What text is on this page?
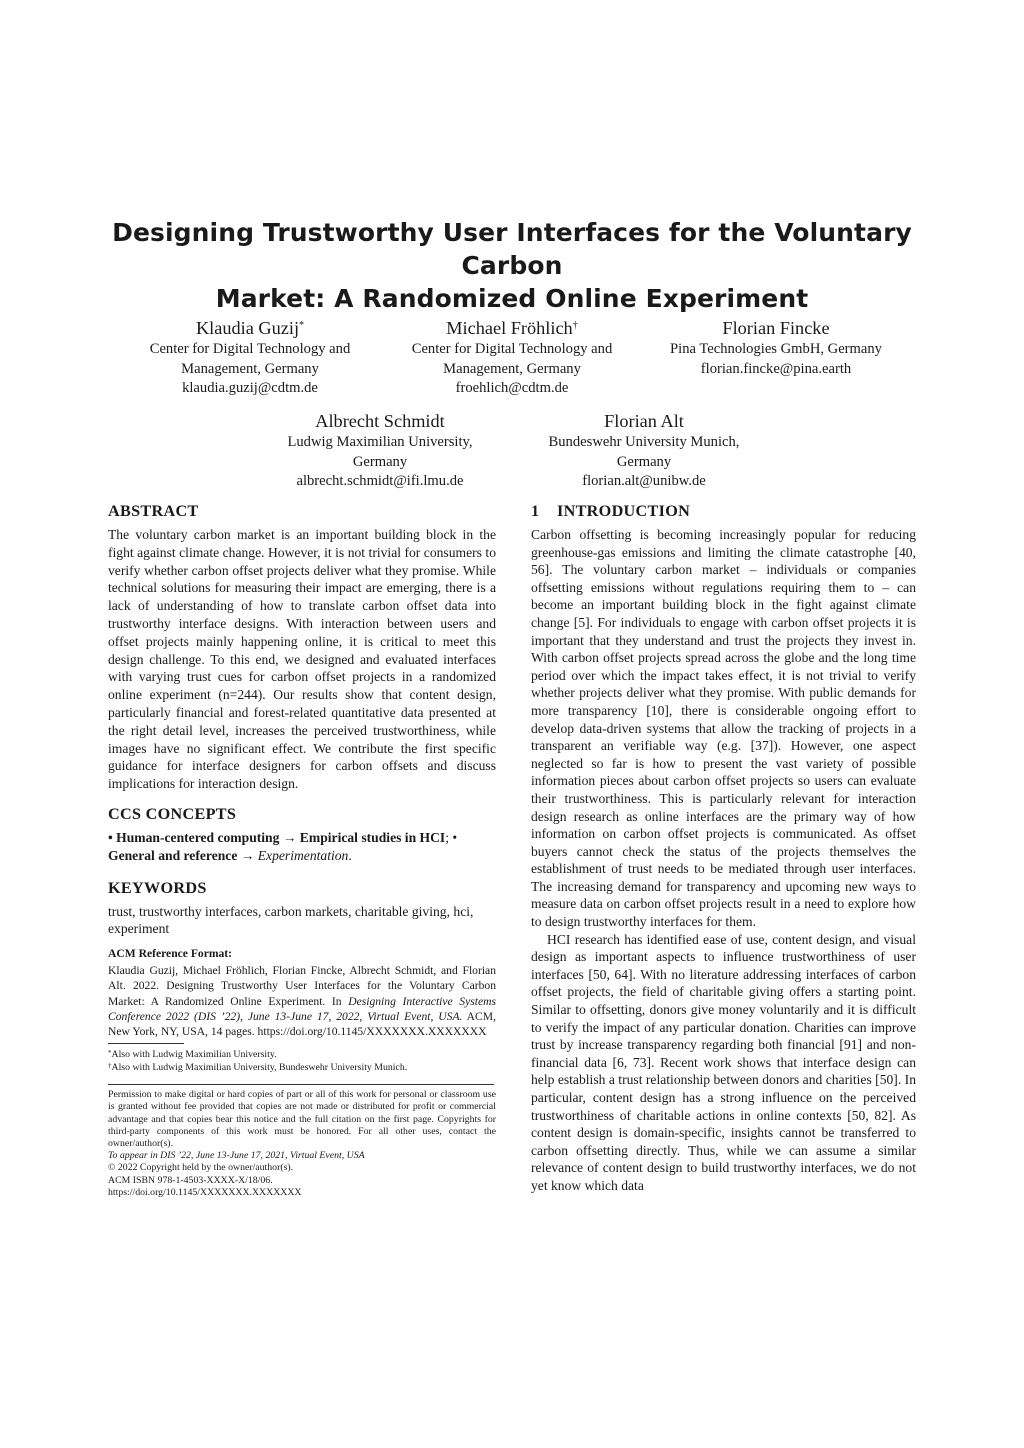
Designing Trustworthy User Interfaces for the Voluntary Carbon
Market: A Randomized Online Experiment
Klaudia Guzij*
Center for Digital Technology and
Management, Germany
klaudia.guzij@cdtm.de
Michael Fröhlich†
Center for Digital Technology and
Management, Germany
froehlich@cdtm.de
Florian Fincke
Pina Technologies GmbH, Germany
florian.fincke@pina.earth
Albrecht Schmidt
Ludwig Maximilian University,
Germany
albrecht.schmidt@ifi.lmu.de
Florian Alt
Bundeswehr University Munich,
Germany
florian.alt@unibw.de
ABSTRACT

The voluntary carbon market is an important building block in the fight against climate change. However, it is not trivial for consumers to verify whether carbon offset projects deliver what they promise. While technical solutions for measuring their impact are emerging, there is a lack of understanding of how to translate carbon offset data into trustworthy interface designs. With interaction between users and offset projects mainly happening online, it is critical to meet this design challenge. To this end, we designed and evaluated interfaces with varying trust cues for carbon offset projects in a randomized online experiment (n=244). Our results show that content design, particularly financial and forest-related quantitative data presented at the right detail level, increases the perceived trustworthiness, while images have no significant effect. We contribute the first specific guidance for interface designers for carbon offsets and discuss implications for interaction design.

CCS CONCEPTS

• Human-centered computing → Empirical studies in HCI; • General and reference → Experimentation.

KEYWORDS

trust, trustworthy interfaces, carbon markets, charitable giving, hci, experiment

ACM Reference Format:

Klaudia Guzij, Michael Fröhlich, Florian Fincke, Albrecht Schmidt, and Florian Alt. 2022. Designing Trustworthy User Interfaces for the Voluntary Carbon Market: A Randomized Online Experiment. In Designing Interactive Systems Conference 2022 (DIS ’22), June 13-June 17, 2022, Virtual Event, USA. ACM, New York, NY, USA, 14 pages. https://doi.org/10.1145/XXXXXXX.XXXXXXX

*Also with Ludwig Maximilian University.

†Also with Ludwig Maximilian University, Bundeswehr University Munich.

Permission to make digital or hard copies of part or all of this work for personal or classroom use is granted without fee provided that copies are not made or distributed for profit or commercial advantage and that copies bear this notice and the full citation on the first page. Copyrights for third-party components of this work must be honored. For all other uses, contact the owner/author(s).

To appear in DIS ’22, June 13-June 17, 2021, Virtual Event, USA

© 2022 Copyright held by the owner/author(s).

ACM ISBN 978-1-4503-XXXX-X/18/06.

https://doi.org/10.1145/XXXXXXX.XXXXXXX

1 INTRODUCTION

Carbon offsetting is becoming increasingly popular for reducing greenhouse-gas emissions and limiting the climate catastrophe [40, 56]. The voluntary carbon market – individuals or companies offsetting emissions without regulations requiring them to – can become an important building block in the fight against climate change [5]. For individuals to engage with carbon offset projects it is important that they understand and trust the projects they invest in. With carbon offset projects spread across the globe and the long time period over which the impact takes effect, it is not trivial to verify whether projects deliver what they promise. With public demands for more transparency [10], there is considerable ongoing effort to develop data-driven systems that allow the tracking of projects in a transparent an verifiable way (e.g. [37]). However, one aspect neglected so far is how to present the vast variety of possible information pieces about carbon offset projects so users can evaluate their trustworthiness. This is particularly relevant for interaction design research as online interfaces are the primary way of how information on carbon offset projects is communicated. As offset buyers cannot check the status of the projects themselves the establishment of trust needs to be mediated through user interfaces. The increasing demand for transparency and upcoming new ways to measure data on carbon offset projects result in a need to explore how to design trustworthy interfaces for them.

HCI research has identified ease of use, content design, and visual design as important aspects to influence trustworthiness of user interfaces [50, 64]. With no literature addressing interfaces of carbon offset projects, the field of charitable giving offers a starting point. Similar to offsetting, donors give money voluntarily and it is difficult to verify the impact of any particular donation. Charities can improve trust by increase transparency regarding both financial [91] and non-financial data [6, 73]. Recent work shows that interface design can help establish a trust relationship between donors and charities [50]. In particular, content design has a strong influence on the perceived trustworthiness of charitable actions in online contexts [50, 82]. As content design is domain-specific, insights cannot be transferred to carbon offsetting directly. Thus, while we can assume a similar relevance of content design to build trustworthy interfaces, we do not yet know which data
